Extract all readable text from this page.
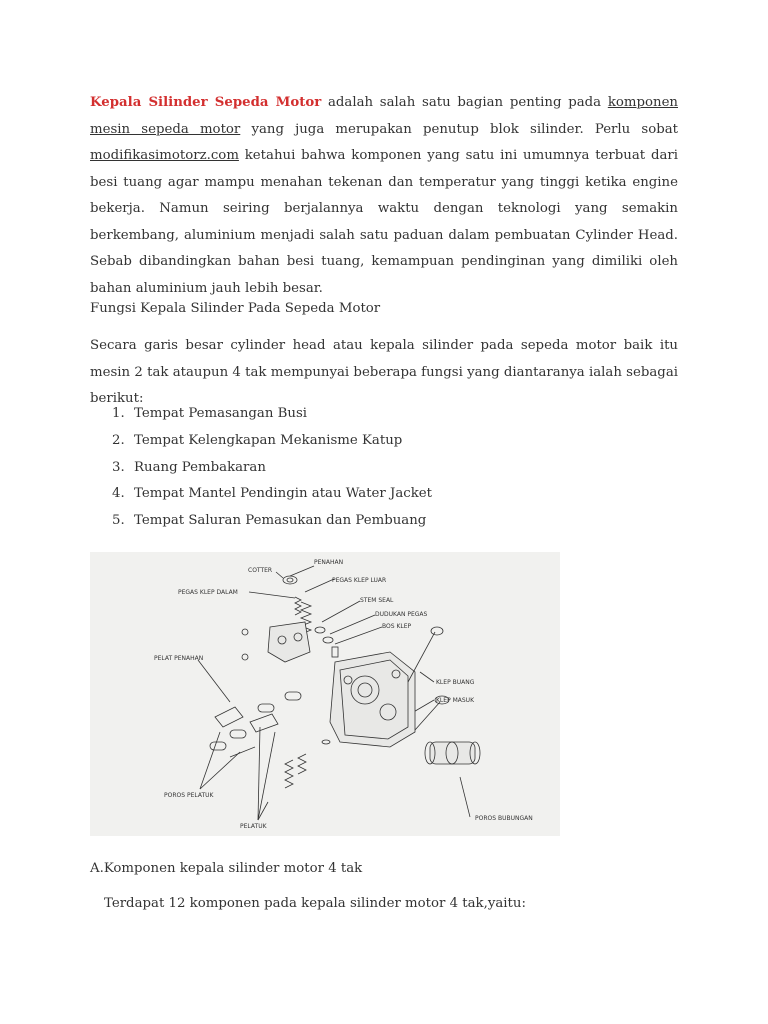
Kepala Silinder Sepeda Motor adalah salah satu bagian penting pada komponen mesin sepeda motor yang juga merupakan penutup blok silinder. Perlu sobat modifikasimotorz.com ketahui bahwa komponen yang satu ini umumnya terbuat dari besi tuang agar mampu menahan tekenan dan temperatur yang tinggi ketika engine bekerja. Namun seiring berjalannya waktu dengan teknologi yang semakin berkembang, aluminium menjadi salah satu paduan dalam pembuatan Cylinder Head. Sebab dibandingkan bahan besi tuang, kemampuan pendinginan yang dimiliki oleh bahan aluminium jauh lebih besar.

Fungsi Kepala Silinder Pada Sepeda Motor

Secara garis besar cylinder head atau kepala silinder pada sepeda motor baik itu mesin 2 tak ataupun 4 tak mempunyai beberapa fungsi yang diantaranya ialah sebagai berikut:

1. Tempat Pemasangan Busi
2. Tempat Kelengkapan Mekanisme Katup
3. Ruang Pembakaran
4. Tempat Mantel Pendingin atau Water Jacket
5. Tempat Saluran Pemasukan dan Pembuang
PENAHAN
COTTER
PEGAS KLEP LUAR
PEGAS KLEP DALAM
STEM SEAL
DUDUKAN PEGAS
BOS KLEP
PELAT PENAHAN
KLEP BUANG
KLEP MASUK
POROS PELATUK
POROS BUBUNGAN
PELATUK

A.Komponen kepala silinder motor 4 tak

Terdapat 12 komponen pada kepala silinder motor 4 tak,yaitu:
